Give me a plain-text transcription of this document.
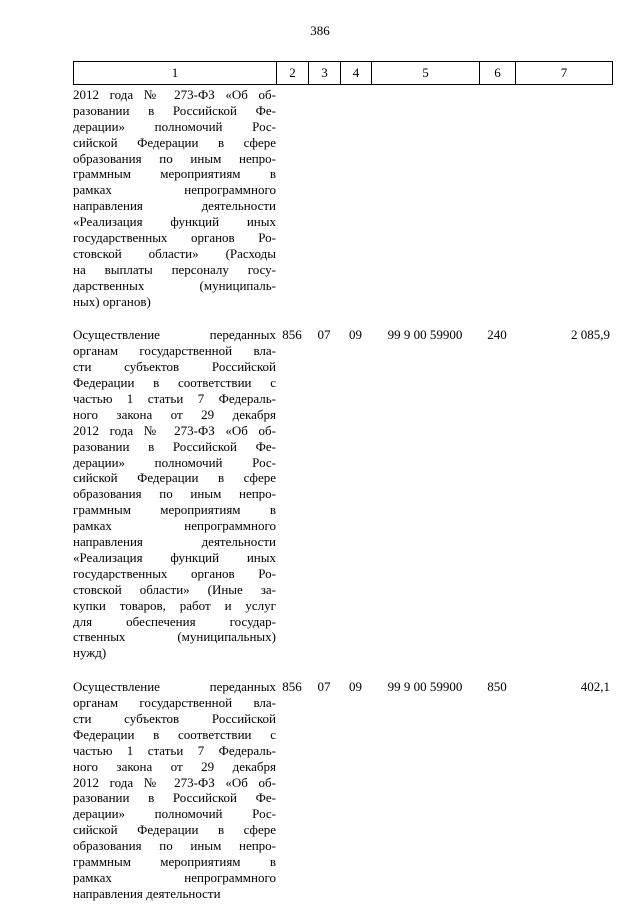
386
1	2	3	4	5	6	7
2012 года № 273-ФЗ «Об об-
разовании в Российской Фе-
дерации» полномочий Рос-
сийской Федерации в сфере
образования по иным непро-
граммным мероприятиям в
рамках непрограммного
направления деятельности
«Реализация функций иных
государственных органов Ро-
стовской области» (Расходы
на выплаты персоналу госу-
дарственных (муниципаль-
ных) органов)
Осуществление переданных
органам государственной вла-
сти субъектов Российской
Федерации в соответствии с
частью 1 статьи 7 Федераль-
ного закона от 29 декабря
2012 года № 273-ФЗ «Об об-
разовании в Российской Фе-
дерации» полномочий Рос-
сийской Федерации в сфере
образования по иным непро-
граммным мероприятиям в
рамках непрограммного
направления деятельности
«Реализация функций иных
государственных органов Ро-
стовской области» (Иные за-
купки товаров, работ и услуг
для обеспечения государ-
ственных (муниципальных)
нужд)
856	07	09	99 9 00 59900	240	2 085,9
Осуществление переданных
органам государственной вла-
сти субъектов Российской
Федерации в соответствии с
частью 1 статьи 7 Федераль-
ного закона от 29 декабря
2012 года № 273-ФЗ «Об об-
разовании в Российской Фе-
дерации» полномочий Рос-
сийской Федерации в сфере
образования по иным непро-
граммным мероприятиям в
рамках непрограммного
направления деятельности
856	07	09	99 9 00 59900	850	402,1
